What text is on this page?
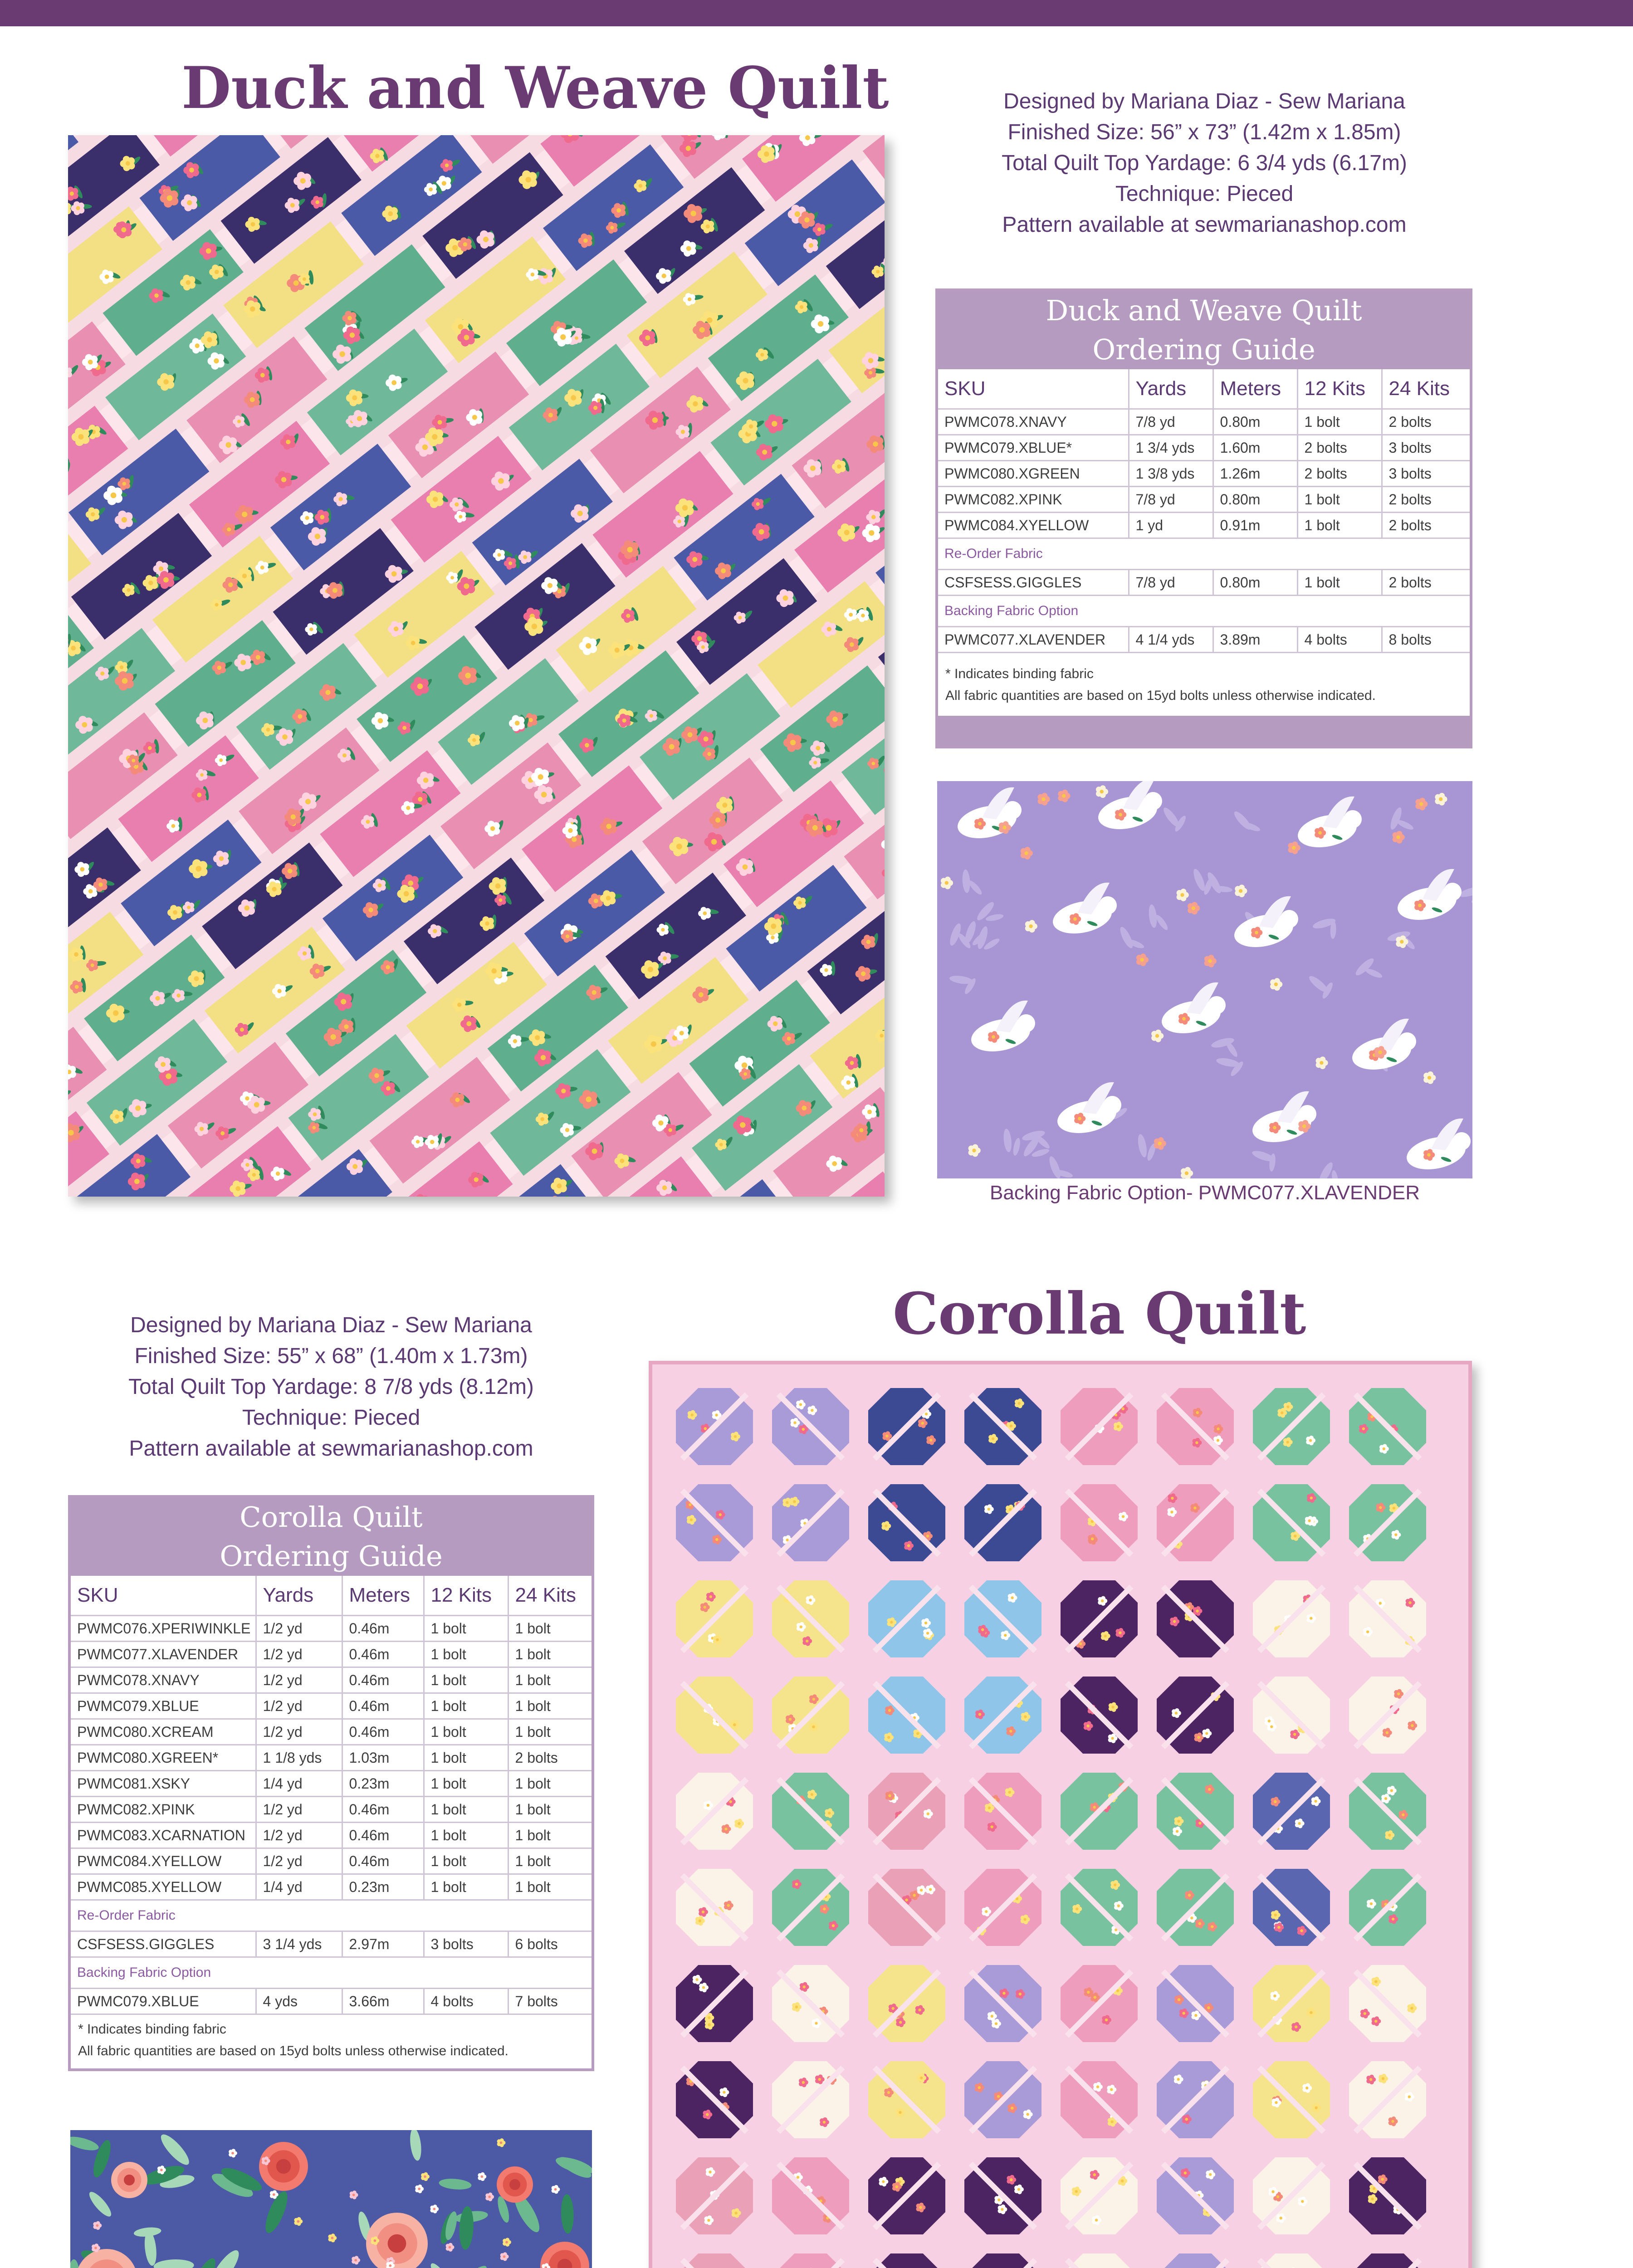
Duck and Weave Quilt	Designed by Mariana Diaz - Sew Mariana
Finished Size: 56” x 73” (1.42m x 1.85m)
Total Quilt Top Yardage: 6 3/4 yds (6.17m)
Technique: Pieced
Pattern available at sewmarianashop.com
Duck and Weave Quilt
Ordering Guide
SKU	Yards	Meters	12 Kits	24 Kits
PWMC078.XNAVY	7/8 yd	0.80m	1 bolt	2 bolts
PWMC079.XBLUE*	1 3/4 yds	1.60m	2 bolts	3 bolts
PWMC080.XGREEN	1 3/8 yds	1.26m	2 bolts	3 bolts
PWMC082.XPINK	7/8 yd	0.80m	1 bolt	2 bolts
PWMC084.XYELLOW	1 yd	0.91m	1 bolt	2 bolts
Re-Order Fabric				
CSFSESS.GIGGLES	7/8 yd	0.80m	1 bolt	2 bolts
Backing Fabric Option				
PWMC077.XLAVENDER	4 1/4 yds	3.89m	4 bolts	8 bolts
* Indicates binding fabric
All fabric quantities are based on 15yd bolts unless otherwise indicated.
Backing Fabric Option- PWMC077.XLAVENDER
Designed by Mariana Diaz - Sew Mariana
Finished Size: 55” x 68” (1.40m x 1.73m)
Total Quilt Top Yardage: 8 7/8 yds (8.12m)
Technique: Pieced
Pattern available at sewmarianashop.com
Corolla Quilt
Corolla Quilt
Ordering Guide
SKU	Yards	Meters	12 Kits	24 Kits
PWMC076.XPERIWINKLE	1/2 yd	0.46m	1 bolt	1 bolt
PWMC077.XLAVENDER	1/2 yd	0.46m	1 bolt	1 bolt
PWMC078.XNAVY	1/2 yd	0.46m	1 bolt	1 bolt
PWMC079.XBLUE	1/2 yd	0.46m	1 bolt	1 bolt
PWMC080.XCREAM	1/2 yd	0.46m	1 bolt	1 bolt
PWMC080.XGREEN*	1 1/8 yds	1.03m	1 bolt	2 bolts
PWMC081.XSKY	1/4 yd	0.23m	1 bolt	1 bolt
PWMC082.XPINK	1/2 yd	0.46m	1 bolt	1 bolt
PWMC083.XCARNATION	1/2 yd	0.46m	1 bolt	1 bolt
PWMC084.XYELLOW	1/2 yd	0.46m	1 bolt	1 bolt
PWMC085.XYELLOW	1/4 yd	0.23m	1 bolt	1 bolt
Re-Order Fabric				
CSFSESS.GIGGLES	3 1/4 yds	2.97m	3 bolts	6 bolts
Backing Fabric Option				
PWMC079.XBLUE	4 yds	3.66m	4 bolts	7 bolts
* Indicates binding fabric
All fabric quantities are based on 15yd bolts unless otherwise indicated.
